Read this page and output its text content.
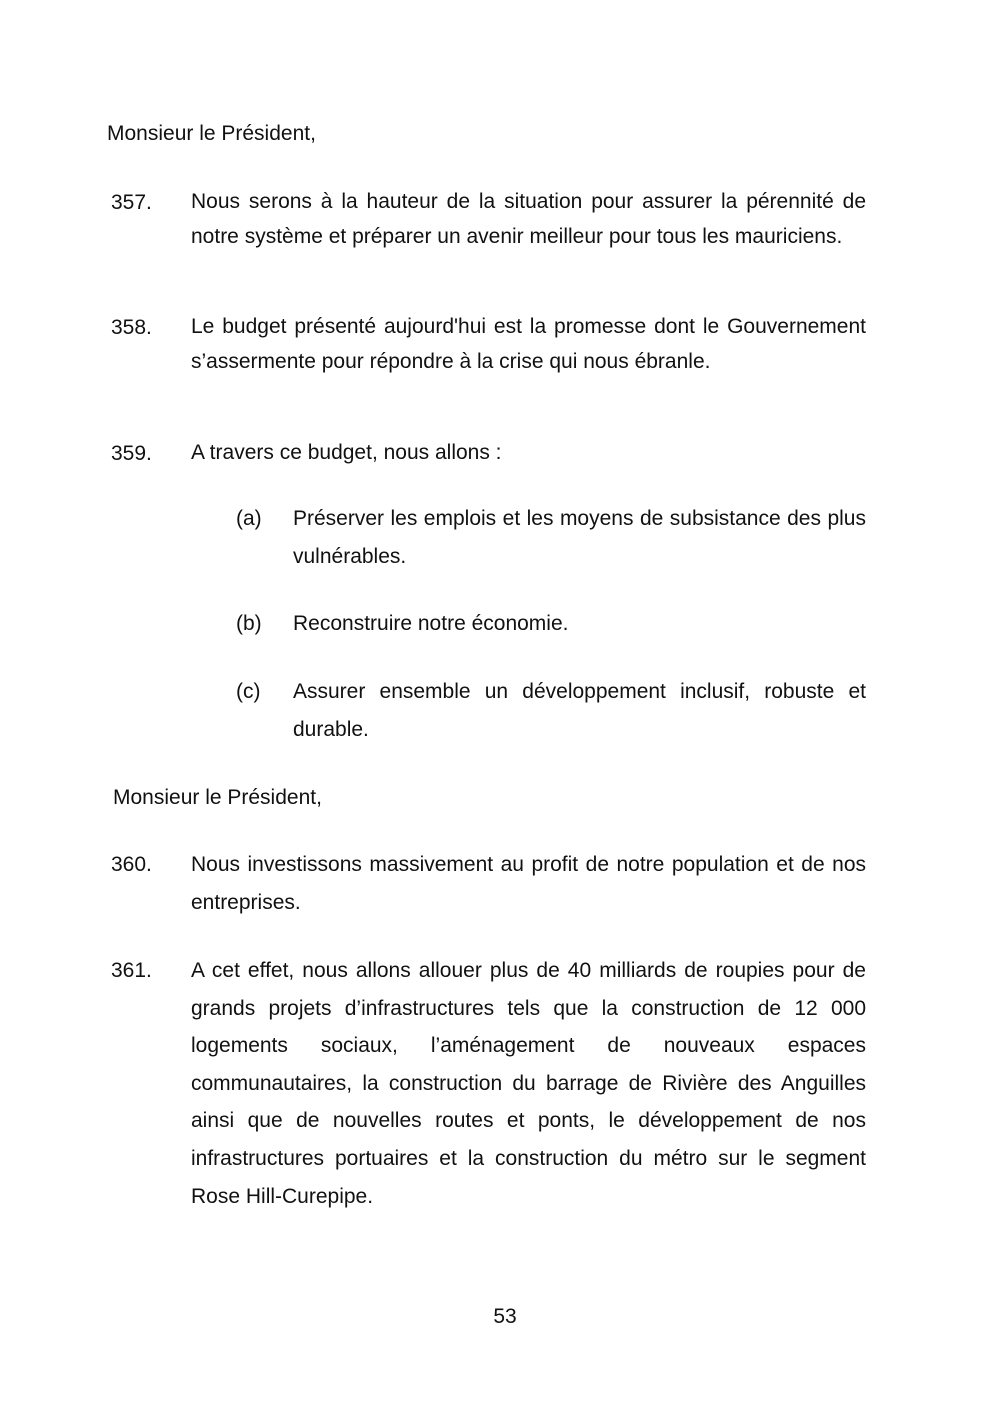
Monsieur le Président,

357. Nous serons à la hauteur de la situation pour assurer la pérennité de notre système et préparer un avenir meilleur pour tous les mauriciens.

358. Le budget présenté aujourd'hui est la promesse dont le Gouvernement s’assermente pour répondre à la crise qui nous ébranle.

359. A travers ce budget, nous allons :

(a) Préserver les emplois et les moyens de subsistance des plus vulnérables.

(b) Reconstruire notre économie.

(c) Assurer ensemble un développement inclusif, robuste et durable.

Monsieur le Président,

360. Nous investissons massivement au profit de notre population et de nos entreprises.

361. A cet effet, nous allons allouer plus de 40 milliards de roupies pour de grands projets d’infrastructures tels que la construction de 12 000 logements sociaux, l’aménagement de nouveaux espaces communautaires, la construction du barrage de Rivière des Anguilles ainsi que de nouvelles routes et ponts, le développement de nos infrastructures portuaires et la construction du métro sur le segment Rose Hill-Curepipe.

53
